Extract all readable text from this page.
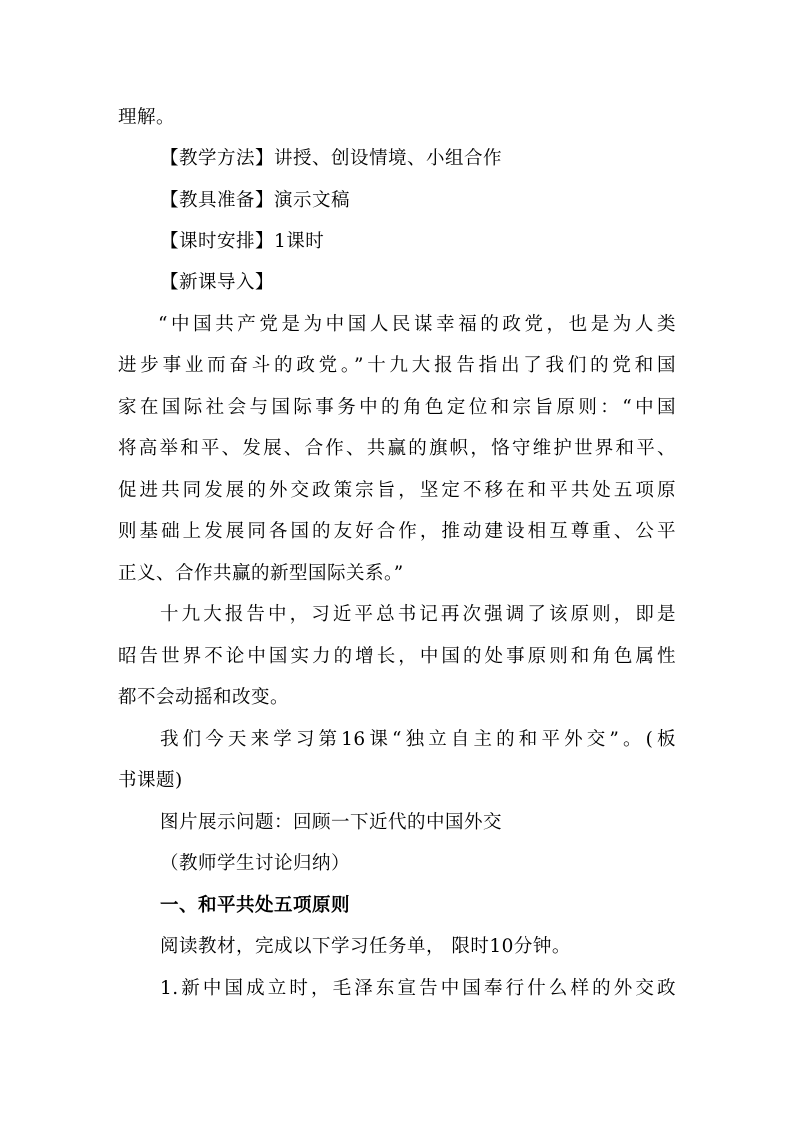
理解。
【教学方法】讲授、创设情境、小组合作
【教具准备】演示文稿
【课时安排】1课时
【新课导入】
“中国共产党是为中国人民谋幸福的政党，也是为人类
进步事业而奋斗的政党。”十九大报告指出了我们的党和国
家在国际社会与国际事务中的角色定位和宗旨原则：“中国
将高举和平、发展、合作、共赢的旗帜，恪守维护世界和平、
促进共同发展的外交政策宗旨，坚定不移在和平共处五项原
则基础上发展同各国的友好合作，推动建设相互尊重、公平
正义、合作共赢的新型国际关系。”
十九大报告中，习近平总书记再次强调了该原则，即是
昭告世界不论中国实力的增长，中国的处事原则和角色属性
都不会动摇和改变。
我们今天来学习第16课“独立自主的和平外交”。(板
书课题)
图片展示问题：回顾一下近代的中国外交
（教师学生讨论归纳）
一、和平共处五项原则
阅读教材，完成以下学习任务单， 限时10分钟。
1.新中国成立时，毛泽东宣告中国奉行什么样的外交政
